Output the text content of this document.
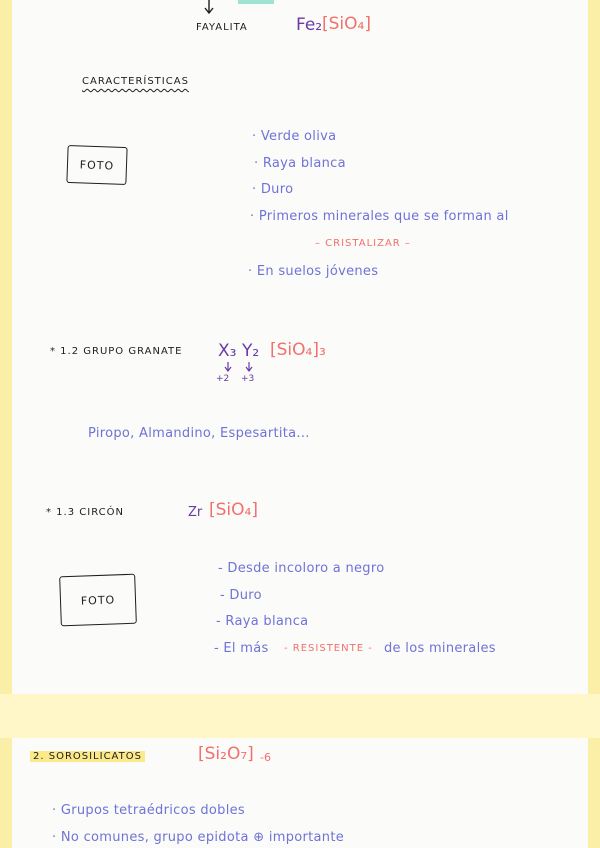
FAYALITA	Fe₂ [SiO₄]
CARACTERÍSTICAS
FOTO
· Verde oliva
· Raya blanca
· Duro
· Primeros minerales que se forman al
– CRISTALIZAR –
· En suelos jóvenes
* 1.2 GRUPO GRANATE X₃ Y₂ [SiO₄]₃
+2 +3
Piropo, Almandino, Espesartita...
* 1.3 CIRCÓN	Zr [SiO₄]
FOTO
- Desde incoloro a negro
- Duro
- Raya blanca
- El más - RESISTENTE - de los minerales
2. SOROSILICATOS	[Si₂O₇] $_{-6}$
· Grupos tetraédricos dobles
· No comunes, grupo epidota ⊕ importante
